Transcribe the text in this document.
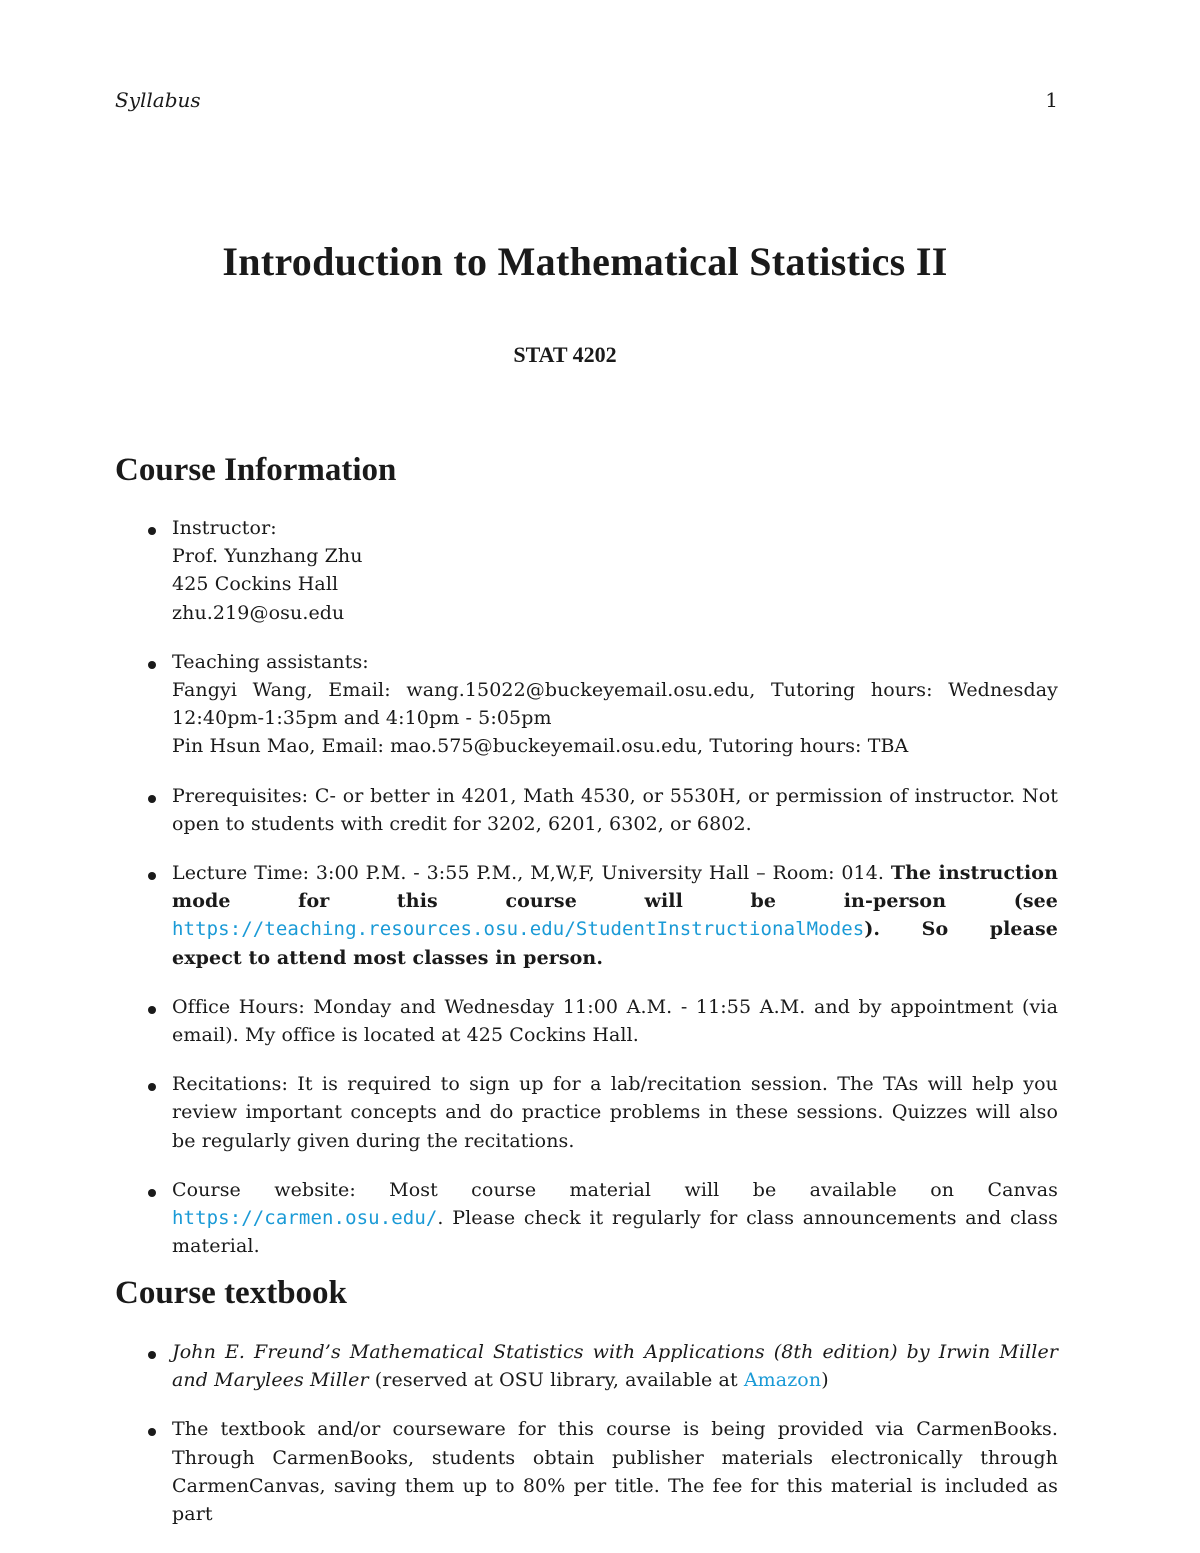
Syllabus	1
Introduction to Mathematical Statistics II
STAT 4202
Course Information
Instructor:
Prof. Yunzhang Zhu
425 Cockins Hall
zhu.219@osu.edu
Teaching assistants:
Fangyi Wang, Email: wang.15022@buckeyemail.osu.edu, Tutoring hours: Wednesday
12:40pm-1:35pm and 4:10pm - 5:05pm
Pin Hsun Mao, Email: mao.575@buckeyemail.osu.edu, Tutoring hours: TBA
Prerequisites: C- or better in 4201, Math 4530, or 5530H, or permission of instructor. Not open to students with credit for 3202, 6201, 6302, or 6802.
Lecture Time: 3:00 P.M. - 3:55 P.M., M,W,F, University Hall – Room: 014. The instruction mode for this course will be in-person (see https://teaching.resources.osu.edu/StudentInstructionalModes). So please expect to attend most classes in person.
Office Hours: Monday and Wednesday 11:00 A.M. - 11:55 A.M. and by appointment (via email). My office is located at 425 Cockins Hall.
Recitations: It is required to sign up for a lab/recitation session. The TAs will help you review important concepts and do practice problems in these sessions. Quizzes will also be regularly given during the recitations.
Course website: Most course material will be available on Canvas https://carmen.osu.edu/. Please check it regularly for class announcements and class material.
Course textbook
John E. Freund’s Mathematical Statistics with Applications (8th edition) by Irwin Miller and Marylees Miller (reserved at OSU library, available at Amazon)
The textbook and/or courseware for this course is being provided via CarmenBooks. Through CarmenBooks, students obtain publisher materials electronically through CarmenCanvas, saving them up to 80% per title. The fee for this material is included as part
